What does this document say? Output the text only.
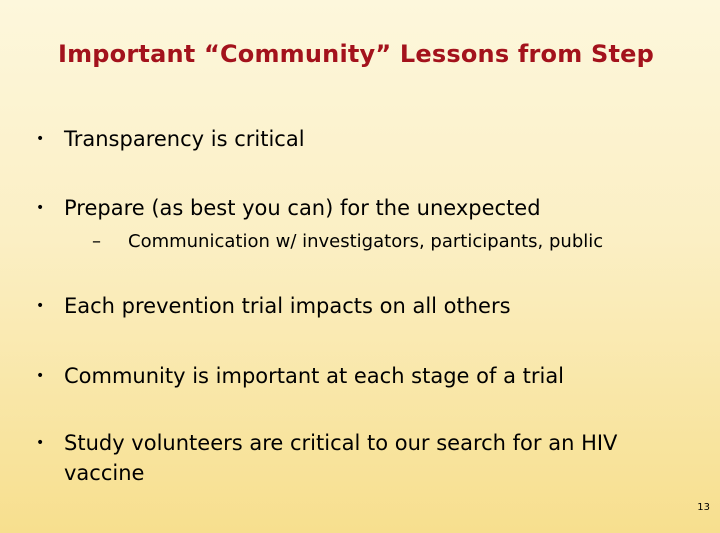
Important “Community” Lessons from Step
• Transparency is critical
• Prepare (as best you can) for the unexpected
–	Communication w/ investigators, participants, public
• Each prevention trial impacts on all others
• Community is important at each stage of a trial
• Study volunteers are critical to our search for an HIV vaccine
13
